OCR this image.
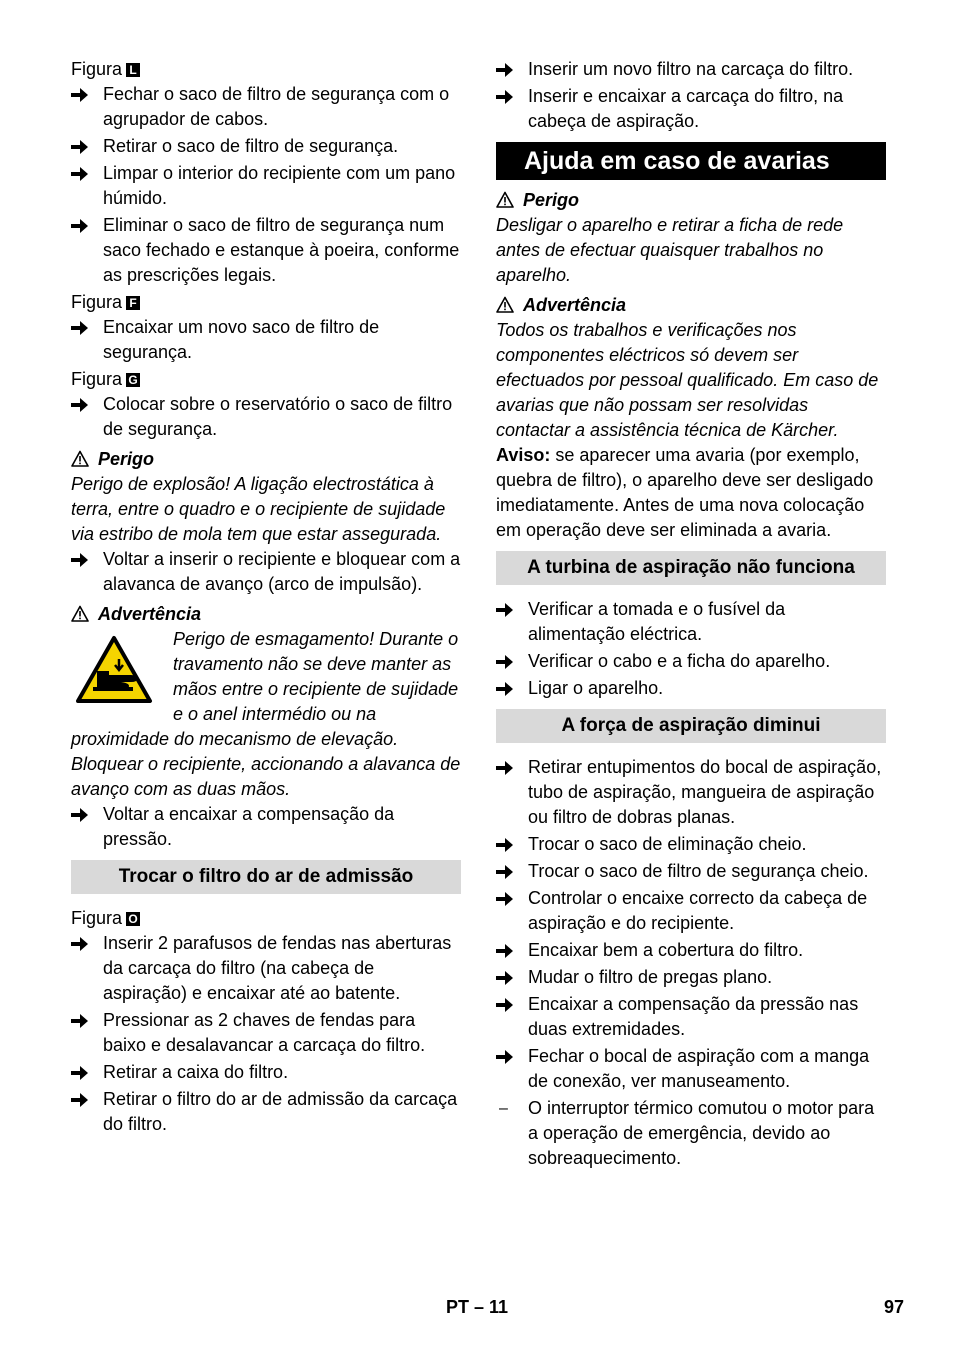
Figura L
Fechar o saco de filtro de segurança com o agrupador de cabos.
Retirar o saco de filtro de segurança.
Limpar o interior do recipiente com um pano húmido.
Eliminar o saco de filtro de segurança num saco fechado e estanque à poeira, conforme as prescrições legais.
Figura F
Encaixar um novo saco de filtro de segurança.
Figura G
Colocar sobre o reservatório o saco de filtro de segurança.
Perigo
Perigo de explosão! A ligação electrostática à terra, entre o quadro e o recipiente de sujidade via estribo de mola tem que estar assegurada.
Voltar a inserir o recipiente e bloquear com a alavanca de avanço (arco de impulsão).
Advertência
Perigo de esmagamento! Durante o travamento não se deve manter as mãos entre o recipiente de sujidade e o anel intermédio ou na proximidade do mecanismo de elevação. Bloquear o recipiente, accionando a alavanca de avanço com as duas mãos.
Voltar a encaixar a compensação da pressão.
Trocar o filtro do ar de admissão
Figura O
Inserir 2 parafusos de fendas nas aberturas da carcaça do filtro (na cabeça de aspiração) e encaixar até ao batente.
Pressionar as 2 chaves de fendas para baixo e desalavancar a carcaça do filtro.
Retirar a caixa do filtro.
Retirar o filtro do ar de admissão da carcaça do filtro.
Inserir um novo filtro na carcaça do filtro.
Inserir e encaixar a carcaça do filtro, na cabeça de aspiração.
Ajuda em caso de avarias
Perigo
Desligar o aparelho e retirar a ficha de rede antes de efectuar quaisquer trabalhos no aparelho.
Advertência
Todos os trabalhos e verificações nos componentes eléctricos só devem ser efectuados por pessoal qualificado. Em caso de avarias que não possam ser resolvidas contactar a assistência técnica de Kärcher.
Aviso: se aparecer uma avaria (por exemplo, quebra de filtro), o aparelho deve ser desligado imediatamente. Antes de uma nova colocação em operação deve ser eliminada a avaria.
A turbina de aspiração não funciona
Verificar a tomada e o fusível da alimentação eléctrica.
Verificar o cabo e a ficha do aparelho.
Ligar o aparelho.
A força de aspiração diminui
Retirar entupimentos do bocal de aspiração, tubo de aspiração, mangueira de aspiração ou filtro de dobras planas.
Trocar o saco de eliminação cheio.
Trocar o saco de filtro de segurança cheio.
Controlar o encaixe correcto da cabeça de aspiração e do recipiente.
Encaixar bem a cobertura do filtro.
Mudar o filtro de pregas plano.
Encaixar a compensação da pressão nas duas extremidades.
Fechar o bocal de aspiração com a manga de conexão, ver manuseamento.
– O interruptor térmico comutou o motor para a operação de emergência, devido ao sobreaquecimento.
PT – 11	97
